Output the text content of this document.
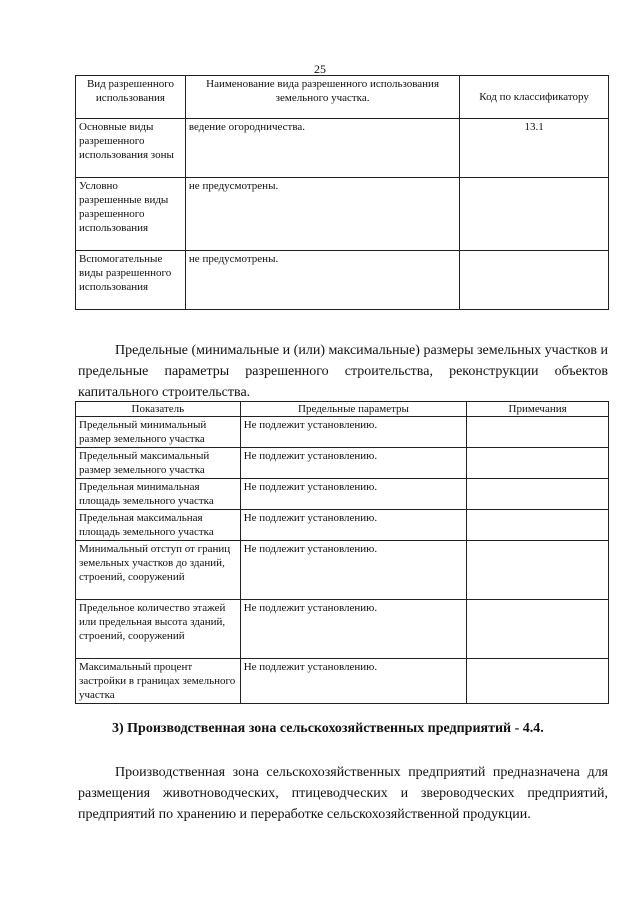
25
Вид разрешенного использования	Наименование вида разрешенного использования земельного участка.	Код по классификатору
Основные виды разрешенного использования зоны	ведение огородничества.	13.1
Условно разрешенные виды разрешенного использования	не предусмотрены.	
Вспомогательные виды разрешенного использования	не предусмотрены.	

Предельные (минимальные и (или) максимальные) размеры земельных участков и предельные параметры разрешенного строительства, реконструкции объектов капитального строительства.

Показатель	Предельные параметры	Примечания
Предельный минимальный размер земельного участка	Не подлежит установлению.	
Предельный максимальный размер земельного участка	Не подлежит установлению.	
Предельная минимальная площадь земельного участка	Не подлежит установлению.	
Предельная максимальная площадь земельного участка	Не подлежит установлению.	
Минимальный отступ от границ земельных участков до зданий, строений, сооружений	Не подлежит установлению.	
Предельное количество этажей или предельная высота зданий, строений, сооружений	Не подлежит установлению.	
Максимальный процент застройки в границах земельного участка	Не подлежит установлению.	

3) Производственная зона сельскохозяйственных предприятий - 4.4.

Производственная зона сельскохозяйственных предприятий предназначена для размещения животноводческих, птицеводческих и звероводческих предприятий, предприятий по хранению и переработке сельскохозяйственной продукции.
